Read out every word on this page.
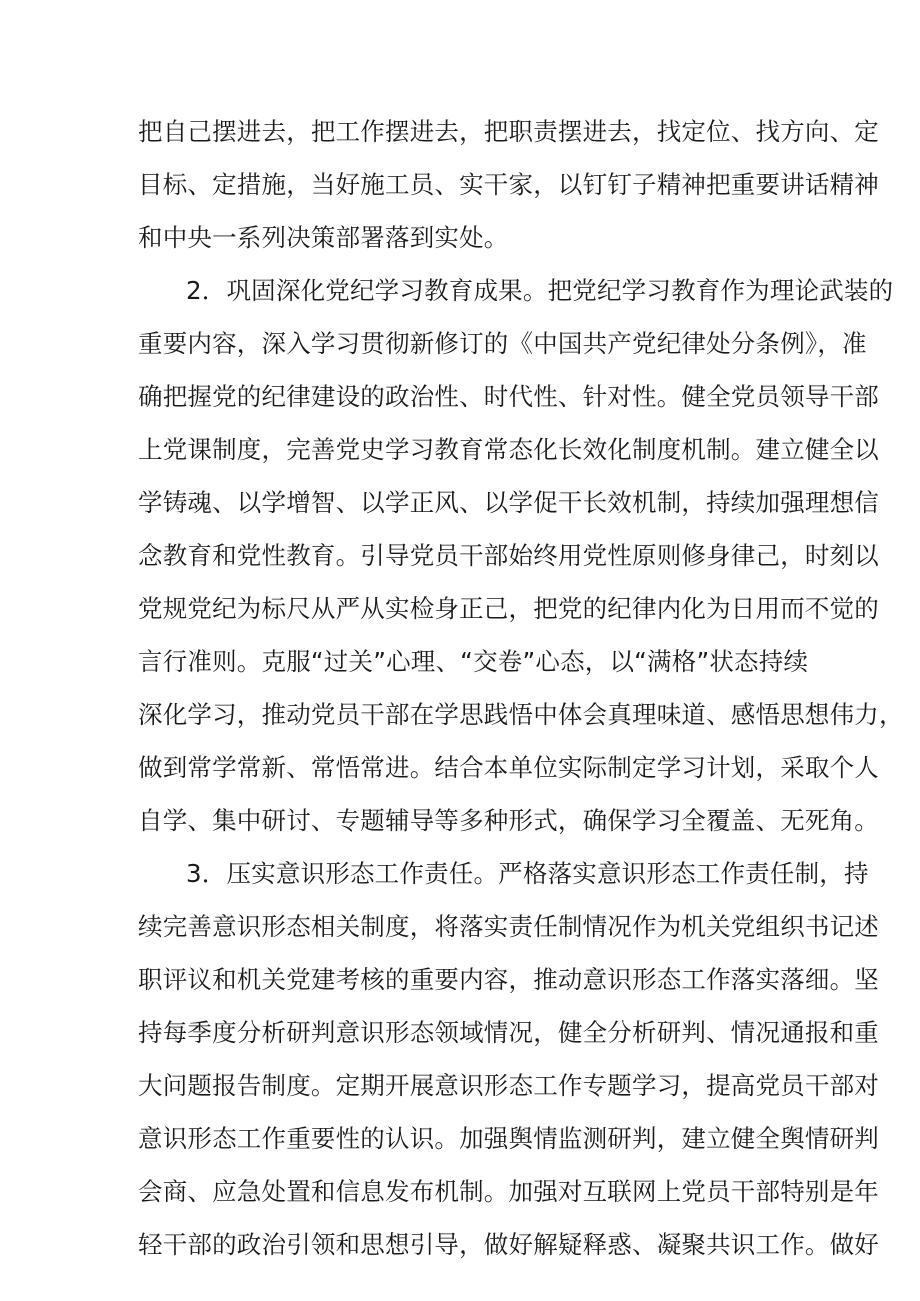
把自己摆进去，把工作摆进去，把职责摆进去，找定位、找方向、定
目标、定措施，当好施工员、实干家，以钉钉子精神把重要讲话精神
和中央一系列决策部署落到实处。
2．巩固深化党纪学习教育成果。把党纪学习教育作为理论武装的
重要内容，深入学习贯彻新修订的《中国共产党纪律处分条例》，准
确把握党的纪律建设的政治性、时代性、针对性。健全党员领导干部
上党课制度，完善党史学习教育常态化长效化制度机制。建立健全以
学铸魂、以学增智、以学正风、以学促干长效机制，持续加强理想信
念教育和党性教育。引导党员干部始终用党性原则修身律己，时刻以
党规党纪为标尺从严从实检身正己，把党的纪律内化为日用而不觉的
言行准则。克服“过关”心理、“交卷”心态，以“满格”状态持续
深化学习，推动党员干部在学思践悟中体会真理味道、感悟思想伟力，
做到常学常新、常悟常进。结合本单位实际制定学习计划，采取个人
自学、集中研讨、专题辅导等多种形式，确保学习全覆盖、无死角。
3．压实意识形态工作责任。严格落实意识形态工作责任制，持
续完善意识形态相关制度，将落实责任制情况作为机关党组织书记述
职评议和机关党建考核的重要内容，推动意识形态工作落实落细。坚
持每季度分析研判意识形态领域情况，健全分析研判、情况通报和重
大问题报告制度。定期开展意识形态工作专题学习，提高党员干部对
意识形态工作重要性的认识。加强舆情监测研判，建立健全舆情研判
会商、应急处置和信息发布机制。加强对互联网上党员干部特别是年
轻干部的政治引领和思想引导，做好解疑释惑、凝聚共识工作。做好
